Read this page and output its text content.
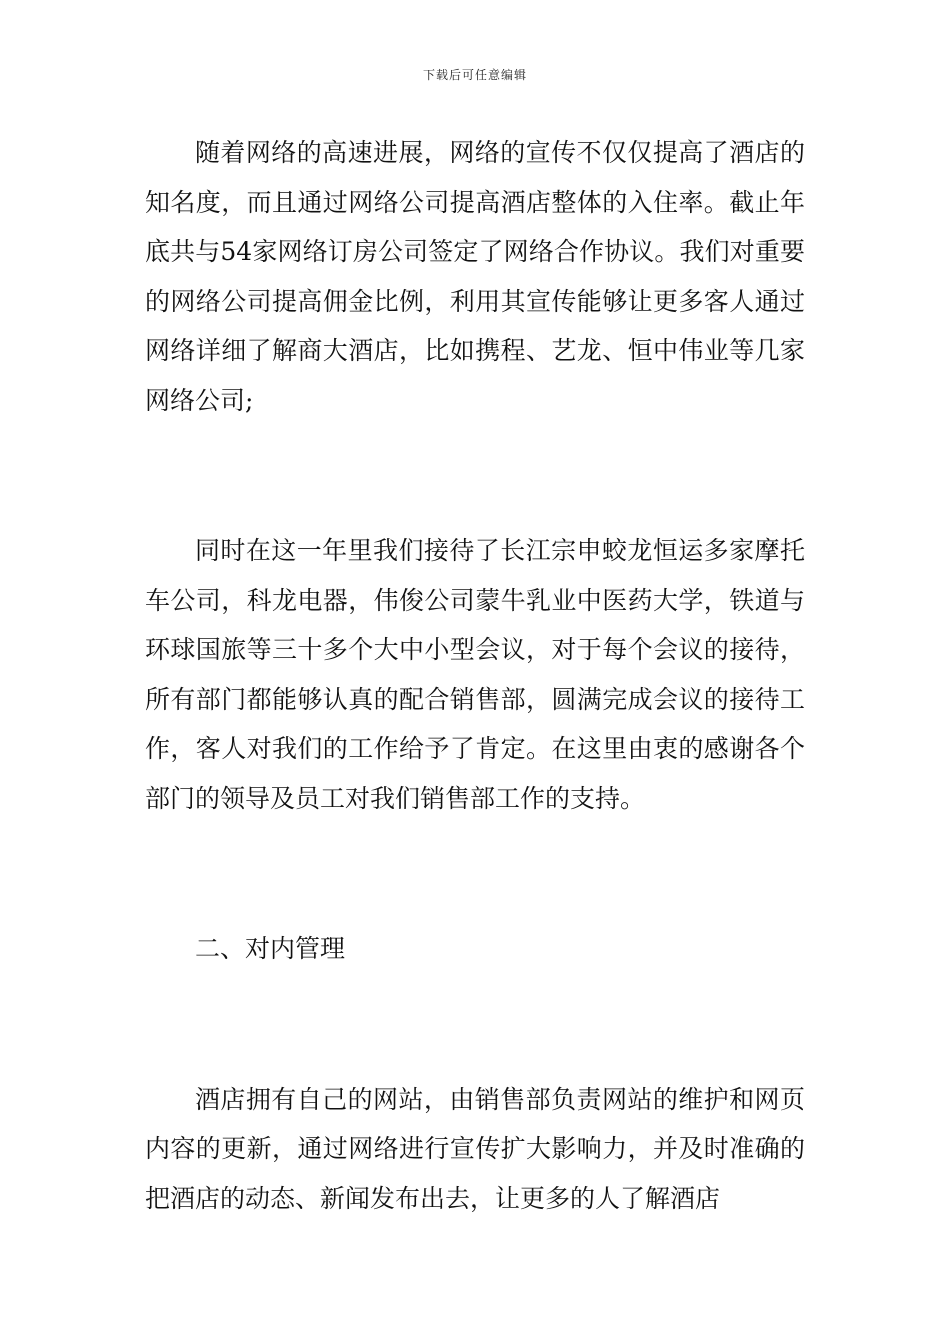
下载后可任意编辑

随着网络的高速进展，网络的宣传不仅仅提高了酒店的知名度，而且通过网络公司提高酒店整体的入住率。截止年底共与54家网络订房公司签定了网络合作协议。我们对重要的网络公司提高佣金比例，利用其宣传能够让更多客人通过网络详细了解商大酒店，比如携程、艺龙、恒中伟业等几家网络公司;

同时在这一年里我们接待了长江宗申蛟龙恒运多家摩托车公司，科龙电器，伟俊公司蒙牛乳业中医药大学，铁道与环球国旅等三十多个大中小型会议，对于每个会议的接待，所有部门都能够认真的配合销售部，圆满完成会议的接待工作，客人对我们的工作给予了肯定。在这里由衷的感谢各个部门的领导及员工对我们销售部工作的支持。

二、对内管理

酒店拥有自己的网站，由销售部负责网站的维护和网页内容的更新，通过网络进行宣传扩大影响力，并及时准确的把酒店的动态、新闻发布出去，让更多的人了解酒店
